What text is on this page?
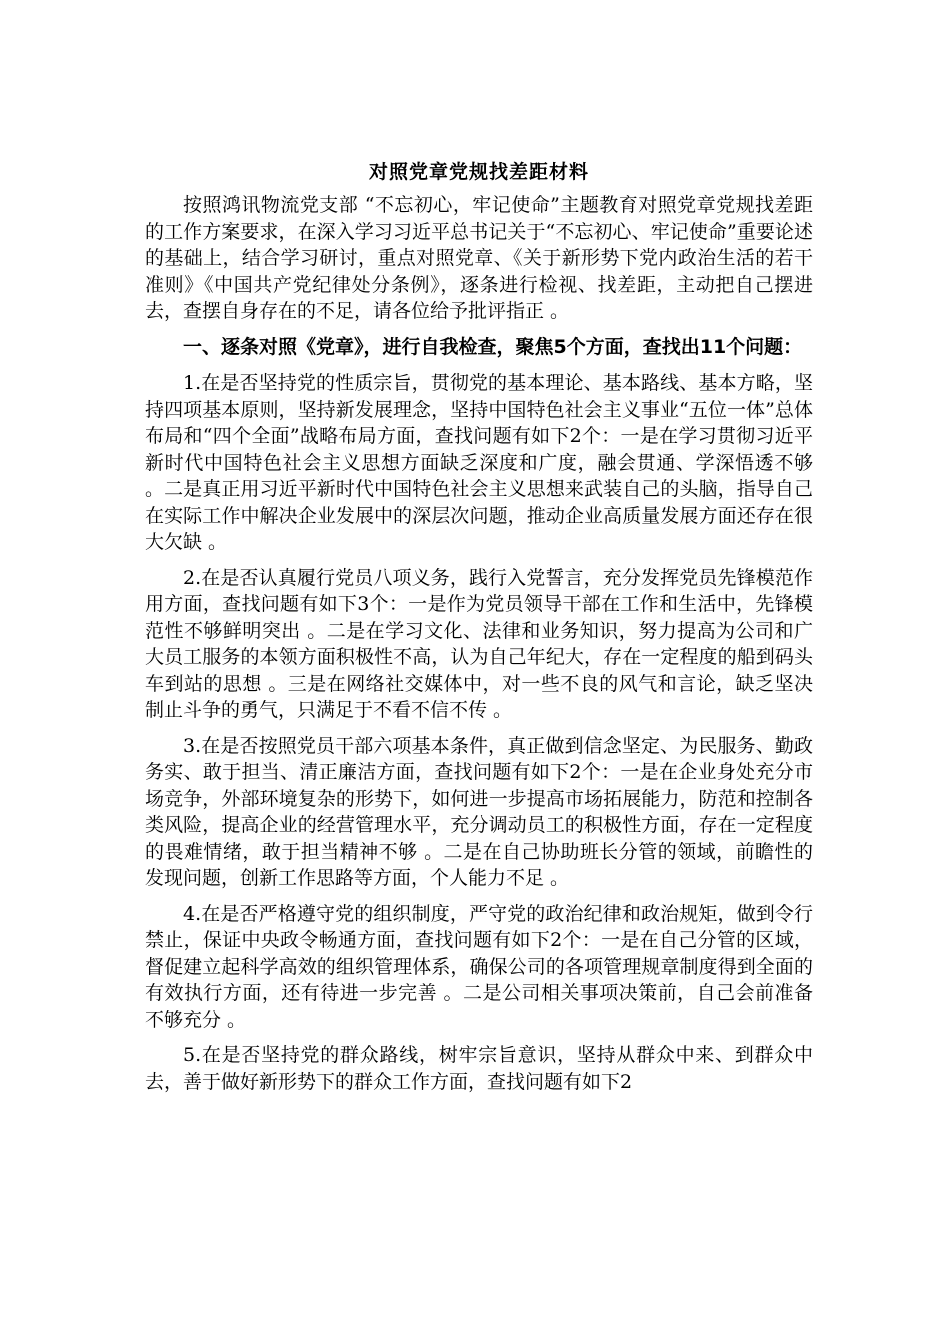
对照党章党规找差距材料

按照鸿讯物流党支部 “不忘初心，牢记使命”主题教育对照党章党规找差距的工作方案要求，在深入学习习近平总书记关于“不忘初心、牢记使命”重要论述的基础上，结合学习研讨，重点对照党章、《关于新形势下党内政治生活的若干准则》《中国共产党纪律处分条例》，逐条进行检视、找差距，主动把自己摆进去，查摆自身存在的不足，请各位给予批评指正 。

一、逐条对照《党章》，进行自我检查，聚焦5个方面，查找出11个问题：

1.在是否坚持党的性质宗旨，贯彻党的基本理论、基本路线、基本方略，坚持四项基本原则，坚持新发展理念，坚持中国特色社会主义事业“五位一体”总体布局和“四个全面”战略布局方面，查找问题有如下2个：一是在学习贯彻习近平新时代中国特色社会主义思想方面缺乏深度和广度，融会贯通、学深悟透不够 。二是真正用习近平新时代中国特色社会主义思想来武装自己的头脑，指导自己在实际工作中解决企业发展中的深层次问题，推动企业高质量发展方面还存在很大欠缺 。

2.在是否认真履行党员八项义务，践行入党誓言，充分发挥党员先锋模范作用方面，查找问题有如下3个：一是作为党员领导干部在工作和生活中，先锋模范性不够鲜明突出 。二是在学习文化、法律和业务知识，努力提高为公司和广大员工服务的本领方面积极性不高，认为自己年纪大，存在一定程度的船到码头车到站的思想 。三是在网络社交媒体中，对一些不良的风气和言论，缺乏坚决制止斗争的勇气，只满足于不看不信不传 。

3.在是否按照党员干部六项基本条件，真正做到信念坚定、为民服务、勤政务实、敢于担当、清正廉洁方面，查找问题有如下2个：一是在企业身处充分市场竞争，外部环境复杂的形势下，如何进一步提高市场拓展能力，防范和控制各类风险，提高企业的经营管理水平，充分调动员工的积极性方面，存在一定程度的畏难情绪，敢于担当精神不够 。二是在自己协助班长分管的领域，前瞻性的发现问题，创新工作思路等方面，个人能力不足 。

4.在是否严格遵守党的组织制度，严守党的政治纪律和政治规矩，做到令行禁止，保证中央政令畅通方面，查找问题有如下2个：一是在自己分管的区域，督促建立起科学高效的组织管理体系，确保公司的各项管理规章制度得到全面的有效执行方面，还有待进一步完善 。二是公司相关事项决策前，自己会前准备不够充分 。

5.在是否坚持党的群众路线，树牢宗旨意识，坚持从群众中来、到群众中去，善于做好新形势下的群众工作方面，查找问题有如下2
